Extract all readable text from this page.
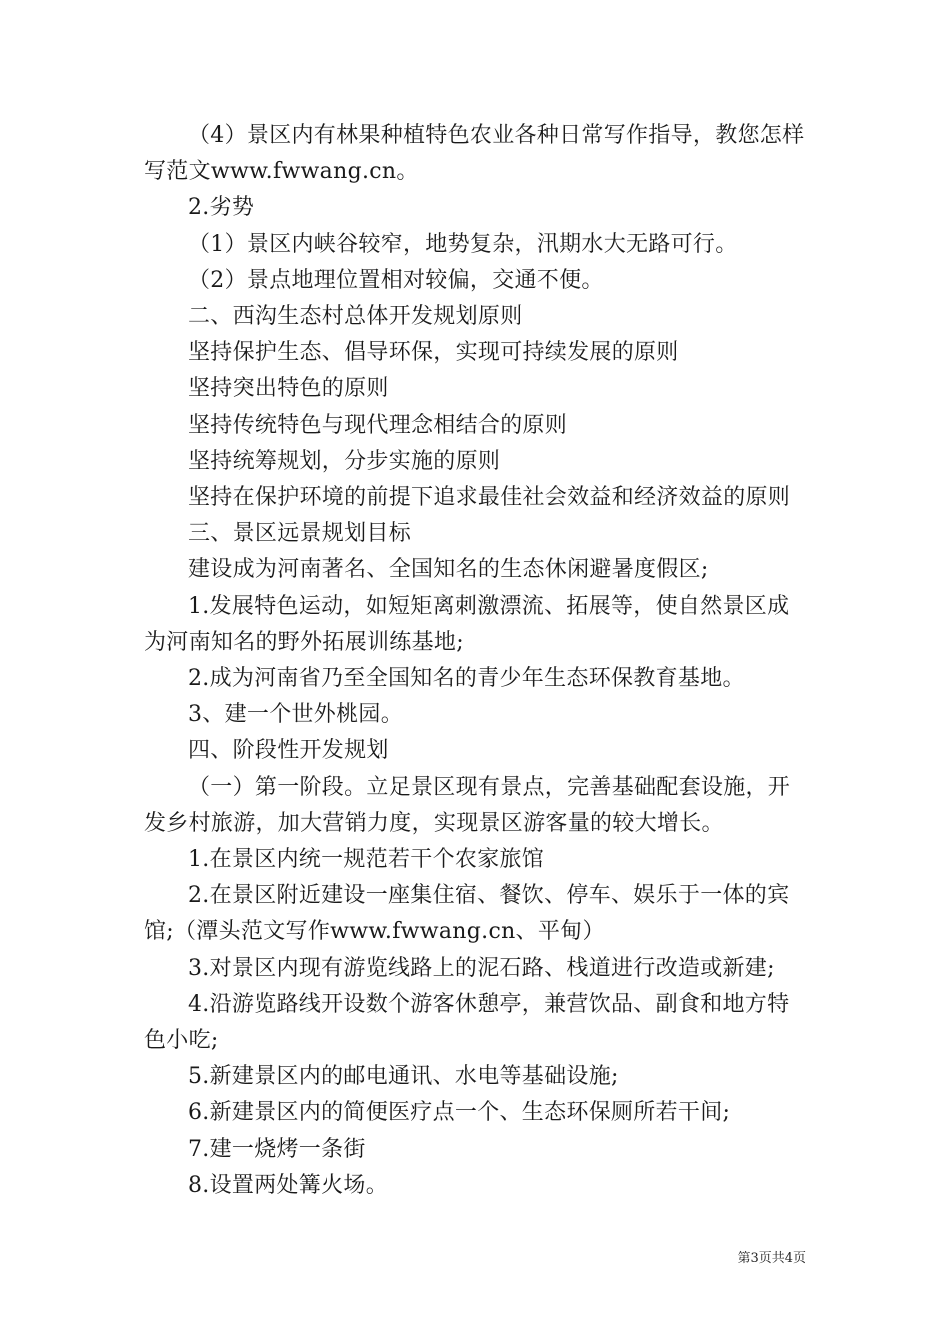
（4）景区内有林果种植特色农业各种日常写作指导，教您怎样写范文www.fwwang.cn。

2.劣势

（1）景区内峡谷较窄，地势复杂，汛期水大无路可行。

（2）景点地理位置相对较偏，交通不便。

二、西沟生态村总体开发规划原则

坚持保护生态、倡导环保，实现可持续发展的原则

坚持突出特色的原则

坚持传统特色与现代理念相结合的原则

坚持统筹规划，分步实施的原则

坚持在保护环境的前提下追求最佳社会效益和经济效益的原则

三、景区远景规划目标

建设成为河南著名、全国知名的生态休闲避暑度假区;

1.发展特色运动，如短矩离刺激漂流、拓展等，使自然景区成为河南知名的野外拓展训练基地;

2.成为河南省乃至全国知名的青少年生态环保教育基地。

3、建一个世外桃园。

四、阶段性开发规划

（一）第一阶段。立足景区现有景点，完善基础配套设施，开发乡村旅游，加大营销力度，实现景区游客量的较大增长。

1.在景区内统一规范若干个农家旅馆

2.在景区附近建设一座集住宿、餐饮、停车、娱乐于一体的宾馆;（潭头范文写作www.fwwang.cn、平甸）

3.对景区内现有游览线路上的泥石路、栈道进行改造或新建;

4.沿游览路线开设数个游客休憩亭，兼营饮品、副食和地方特色小吃;

5.新建景区内的邮电通讯、水电等基础设施;

6.新建景区内的简便医疗点一个、生态环保厕所若干间;

7.建一烧烤一条街

8.设置两处篝火场。

第3页共4页
